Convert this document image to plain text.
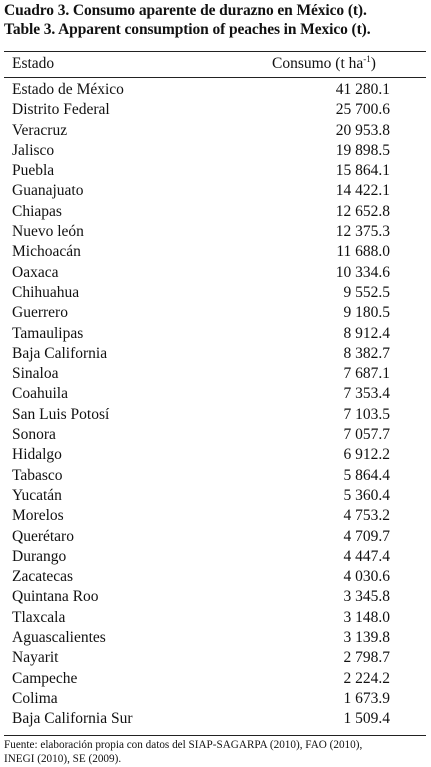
Cuadro 3. Consumo aparente de durazno en México (t).
Table 3. Apparent consumption of peaches in Mexico (t).
Estado	Consumo (t $ha^{-1}$)
Estado de México	41 280.1
Distrito Federal	25 700.6
Veracruz	20 953.8
Jalisco	19 898.5
Puebla	15 864.1
Guanajuato	14 422.1
Chiapas	12 652.8
Nuevo león	12 375.3
Michoacán	11 688.0
Oaxaca	10 334.6
Chihuahua	9 552.5
Guerrero	9 180.5
Tamaulipas	8 912.4
Baja California	8 382.7
Sinaloa	7 687.1
Coahuila	7 353.4
San Luis Potosí	7 103.5
Sonora	7 057.7
Hidalgo	6 912.2
Tabasco	5 864.4
Yucatán	5 360.4
Morelos	4 753.2
Querétaro	4 709.7
Durango	4 447.4
Zacatecas	4 030.6
Quintana Roo	3 345.8
Tlaxcala	3 148.0
Aguascalientes	3 139.8
Nayarit	2 798.7
Campeche	2 224.2
Colima	1 673.9
Baja California Sur	1 509.4
Fuente: elaboración propia con datos del SIAP-SAGARPA (2010), FAO (2010),
INEGI (2010), SE (2009).
